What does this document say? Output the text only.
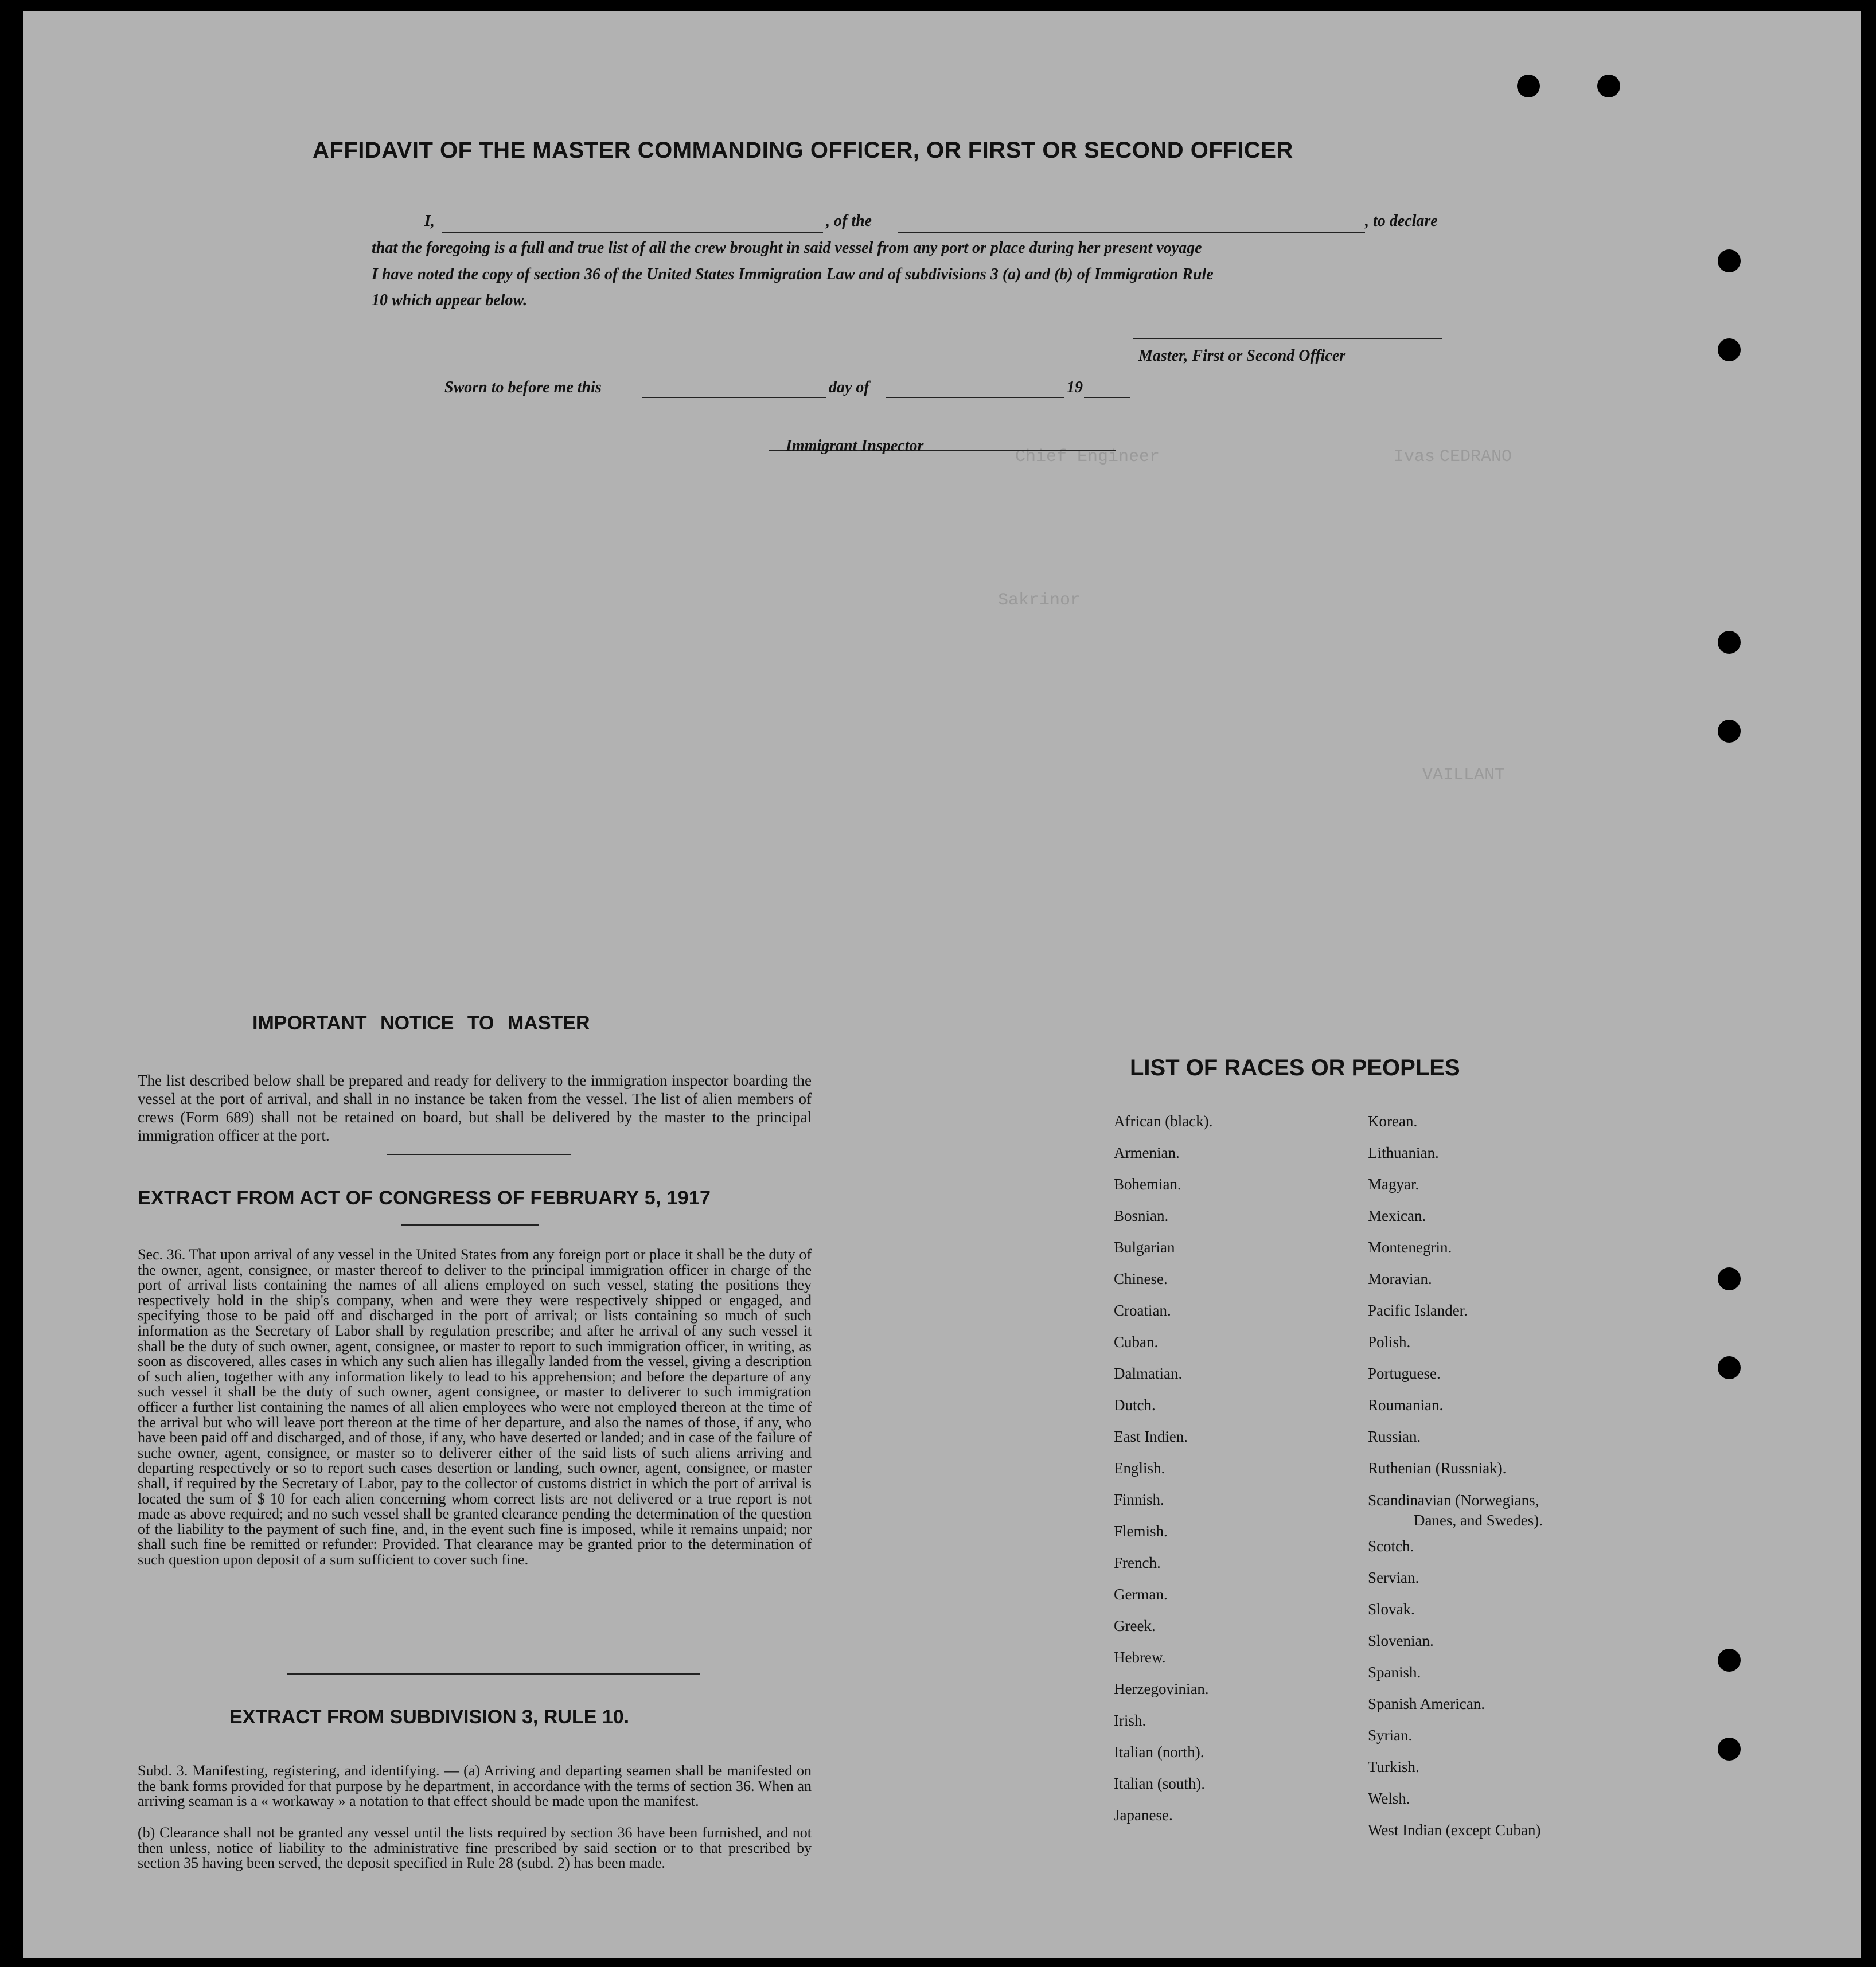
Ivas CEDRANO
Chief Engineer
VAILLANT
Sakrinor
AFFIDAVIT OF THE MASTER COMMANDING OFFICER, OR FIRST OR SECOND OFFICER
I,	, of the	, to declare
that the foregoing is a full and true list of all the crew brought in said vessel from any port or place during her present voyage
I have noted the copy of section 36 of the United States Immigration Law and of subdivisions 3 (a) and (b) of Immigration Rule
10 which appear below.
Master, First or Second Officer
Sworn to before me this	day of	19
Immigrant Inspector
IMPORTANT NOTICE TO MASTER
The list described below shall be prepared and ready for delivery to the immigration inspector boarding the vessel at the port of arrival, and shall in no instance be taken from the vessel. The list of alien members of crews (Form 689) shall not be retained on board, but shall be delivered by the master to the principal immigration officer at the port.
EXTRACT FROM ACT OF CONGRESS OF FEBRUARY 5, 1917
Sec. 36. That upon arrival of any vessel in the United States from any foreign port or place it shall be the duty of the owner, agent, consignee, or master thereof to deliver to the principal immigration officer in charge of the port of arrival lists containing the names of all aliens employed on such vessel, stating the positions they respectively hold in the ship's company, when and were they were respectively shipped or engaged, and specifying those to be paid off and discharged in the port of arrival; or lists containing so much of such information as the Secretary of Labor shall by regulation prescribe; and after he arrival of any such vessel it shall be the duty of such owner, agent, consignee, or master to report to such immigration officer, in writing, as soon as discovered, alles cases in which any such alien has illegally landed from the vessel, giving a description of such alien, together with any information likely to lead to his apprehension; and before the departure of any such vessel it shall be the duty of such owner, agent consignee, or master to deliverer to such immigration officer a further list containing the names of all alien employees who were not employed thereon at the time of the arrival but who will leave port thereon at the time of her departure, and also the names of those, if any, who have been paid off and discharged, and of those, if any, who have deserted or landed; and in case of the failure of suche owner, agent, consignee, or master so to deliverer either of the said lists of such aliens arriving and departing respectively or so to report such cases desertion or landing, such owner, agent, consignee, or master shall, if required by the Secretary of Labor, pay to the collector of customs district in which the port of arrival is located the sum of $ 10 for each alien concerning whom correct lists are not delivered or a true report is not made as above required; and no such vessel shall be granted clearance pending the determination of the question of the liability to the payment of such fine, and, in the event such fine is imposed, while it remains unpaid; nor shall such fine be remitted or refunder: Provided. That clearance may be granted prior to the determination of such question upon deposit of a sum sufficient to cover such fine.
EXTRACT FROM SUBDIVISION 3, RULE 10.
Subd. 3. Manifesting, registering, and identifying. — (a) Arriving and departing seamen shall be manifested on the bank forms provided for that purpose by he department, in accordance with the terms of section 36. When an arriving seaman is a « workaway » a notation to that effect should be made upon the manifest.
(b) Clearance shall not be granted any vessel until the lists required by section 36 have been furnished, and not then unless, notice of liability to the administrative fine prescribed by said section or to that prescribed by section 35 having been served, the deposit specified in Rule 28 (subd. 2) has been made.
LIST OF RACES OR PEOPLES
African (black).
Armenian.
Bohemian.
Bosnian.
Bulgarian
Chinese.
Croatian.
Cuban.
Dalmatian.
Dutch.
East Indien.
English.
Finnish.
Flemish.
French.
German.
Greek.
Hebrew.
Herzegovinian.
Irish.
Italian (north).
Italian (south).
Japanese.
Korean.
Lithuanian.
Magyar.
Mexican.
Montenegrin.
Moravian.
Pacific Islander.
Polish.
Portuguese.
Roumanian.
Russian.
Ruthenian (Russniak).
Scandinavian (Norwegians,
Danes, and Swedes).
Scotch.
Servian.
Slovak.
Slovenian.
Spanish.
Spanish American.
Syrian.
Turkish.
Welsh.
West Indian (except Cuban)
